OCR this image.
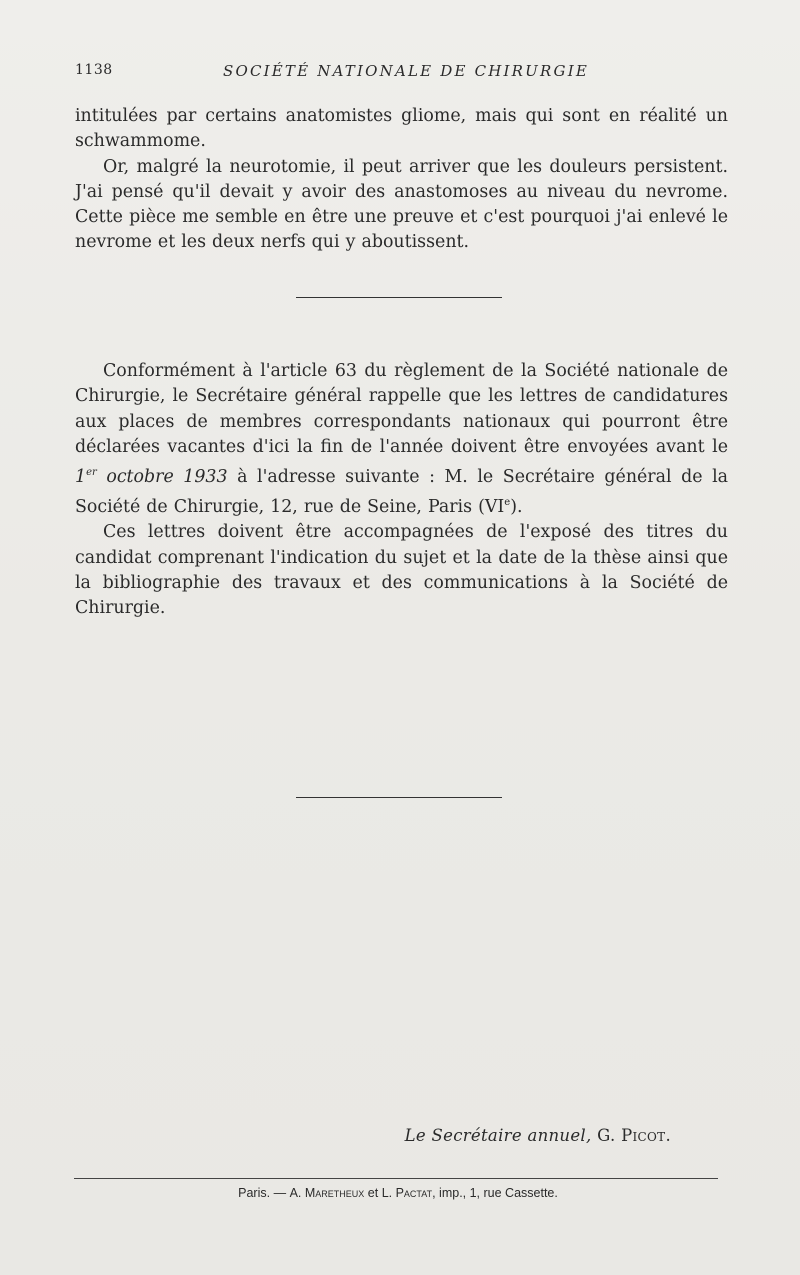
1138	SOCIÉTÉ NATIONALE DE CHIRURGIE

intitulées par certains anatomistes gliome, mais qui sont en réalité un schwammome.

Or, malgré la neurotomie, il peut arriver que les douleurs persistent. J'ai pensé qu'il devait y avoir des anastomoses au niveau du nevrome. Cette pièce me semble en être une preuve et c'est pourquoi j'ai enlevé le nevrome et les deux nerfs qui y aboutissent.

Conformément à l'article 63 du règlement de la Société nationale de Chirurgie, le Secrétaire général rappelle que les lettres de candidatures aux places de membres correspondants nationaux qui pourront être déclarées vacantes d'ici la fin de l'année doivent être envoyées avant le 1er octobre 1933 à l'adresse suivante : M. le Secrétaire général de la Société de Chirurgie, 12, rue de Seine, Paris (VIe).

Ces lettres doivent être accompagnées de l'exposé des titres du candidat comprenant l'indication du sujet et la date de la thèse ainsi que la bibliographie des travaux et des communications à la Société de Chirurgie.

Le Secrétaire annuel, G. Picot.
Paris. — A. Maretheux et L. Pactat, imp., 1, rue Cassette.
